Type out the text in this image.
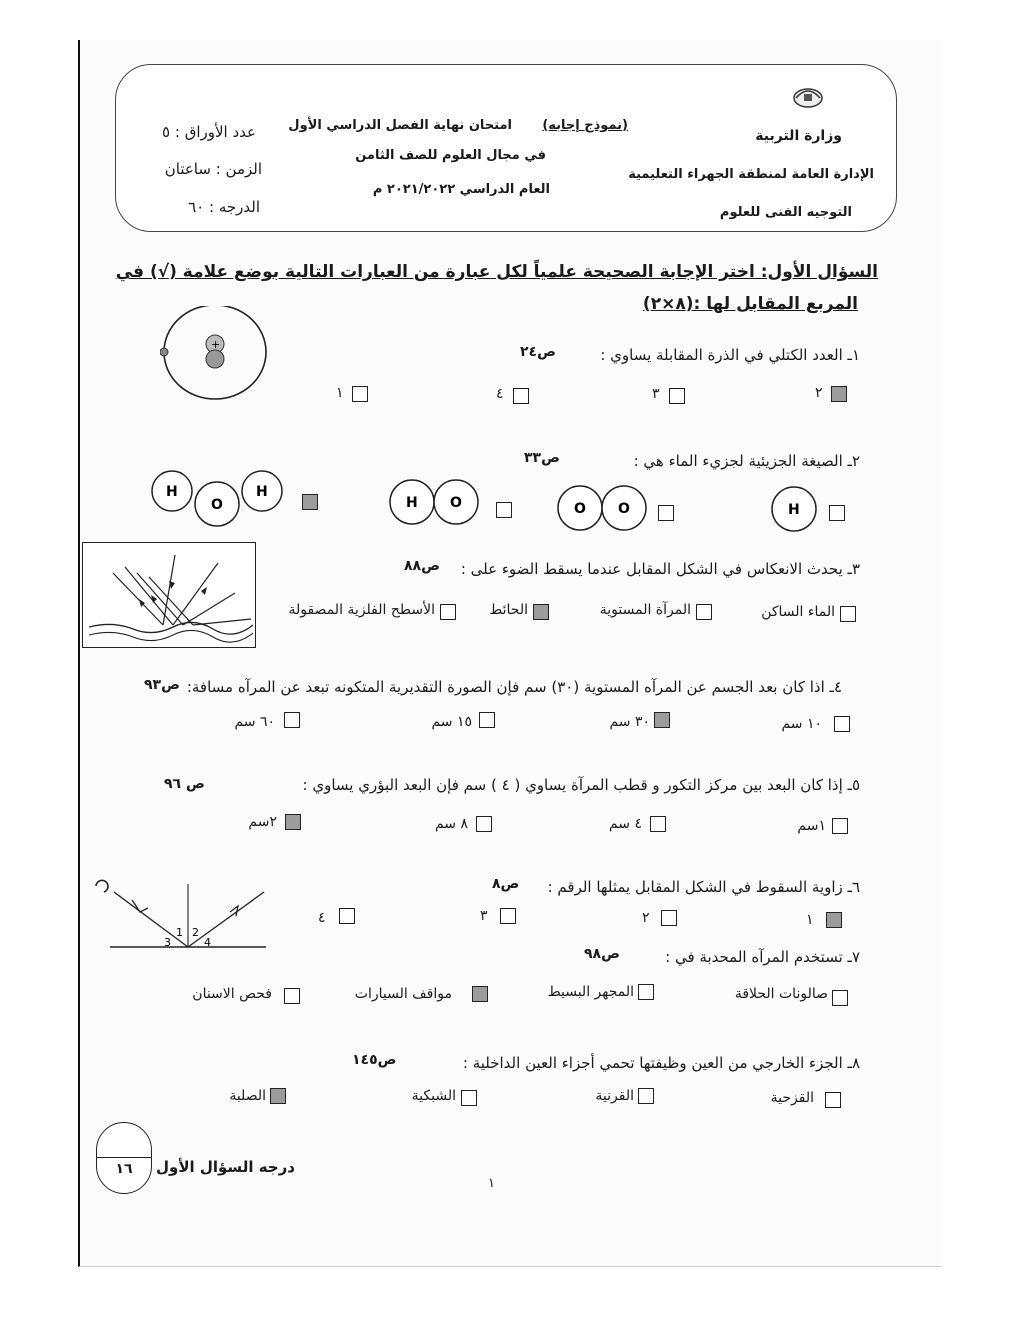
وزارة التربية
الإدارة العامة لمنطقة الجهراء التعليمية
التوجيه الفنى للعلوم
(نموذج إجابه)
امتحان نهاية الفصل الدراسي الأول
في مجال العلوم للصف الثامن
العام الدراسي ٢٠٢١/٢٠٢٢ م
عدد الأوراق : ٥
الزمن : ساعتان
الدرجه : ٦٠
السؤال الأول: اختر الإجابة الصحيحة علمياً لكل عبارة من العبارات التالية بوضع علامة (√) في
المربع المقابل لها :(٨×٢)
+
١ـ العدد الكتلي في الذرة المقابلة يساوي :
ص٢٤
٢
٣
٤
١
٢ـ الصيغة الجزيئية لجزيء الماء هي :
ص٣٣
H
O O
H O
H
O
H
٣ـ يحدث الانعكاس في الشكل المقابل عندما يسقط الضوء على :
ص٨٨
الماء الساكن
المرآة المستوية
الحائط
الأسطح الفلزية المصقولة
٤ـ اذا كان بعد الجسم عن المرآه المستوية (٣٠) سم فإن الصورة التقديرية المتكونه تبعد عن المرآه مسافة:
ص٩٣
١٠ سم
٣٠ سم
١٥ سم
٦٠ سم
٥ـ إذا كان البعد بين مركز التكور و قطب المرآة يساوي ( ٤ ) سم فإن البعد البؤري يساوي :
ص ٩٦
١سم
٤ سم
٨ سم
٢سم
1 2
3	4
٦ـ زاوية السقوط في الشكل المقابل يمثلها الرقم :
ص٨
١
٢
٣
٤
٧ـ تستخدم المرآه المحدبة في :
ص٩٨
صالونات الحلاقة
المجهر البسيط
مواقف السيارات
فحص الاسنان
٨ـ الجزء الخارجي من العين وظيفتها تحمي أجزاء العين الداخلية :
ص١٤٥
القزحية
القرنية
الشبكية
الصلبة
١٦	درجه السؤال الأول
١
